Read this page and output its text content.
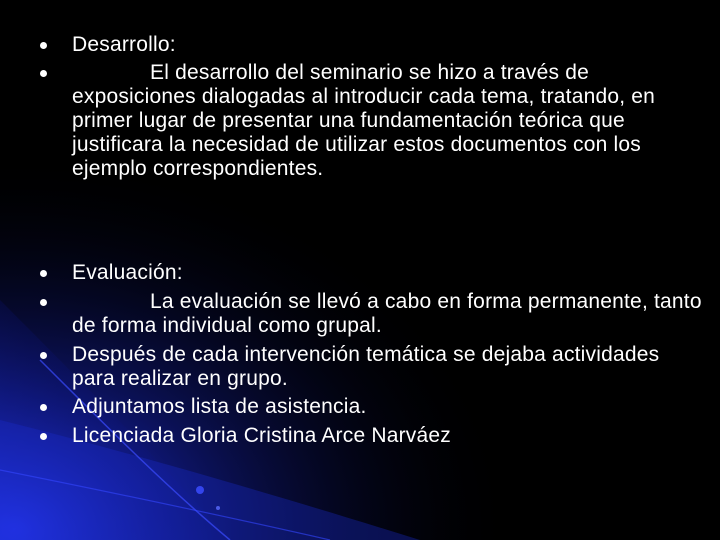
Desarrollo:
El desarrollo del seminario se hizo a través de exposiciones dialogadas al introducir cada tema, tratando, en primer lugar de presentar una fundamentación teórica que justificara la necesidad de utilizar estos documentos con los ejemplo correspondientes.
Evaluación:
La evaluación se llevó a cabo en forma permanente, tanto de forma individual como grupal.
Después de cada intervención temática se dejaba actividades para realizar en grupo.
Adjuntamos lista de asistencia.
Licenciada Gloria Cristina Arce Narváez
